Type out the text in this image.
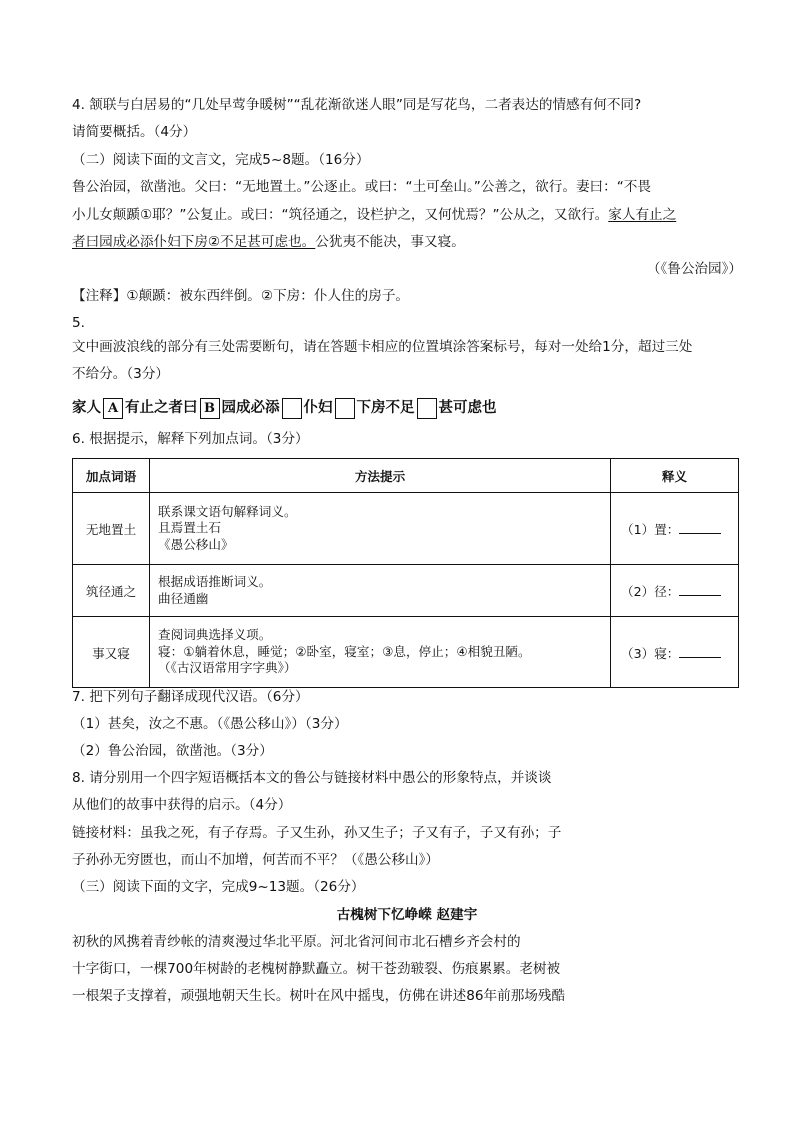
4. 颔联与白居易的“几处早莺争暖树”“乱花渐欲迷人眼”同是写花鸟，二者表达的情感有何不同?
请简要概括。（4分）
（二）阅读下面的文言文，完成5~8题。（16分）
鲁公治园，欲凿池。父曰：“无地置土。”公逐止。或曰：“土可垒山。”公善之，欲行。妻曰：“不畏
小儿女颠踬①耶？”公复止。或曰：“筑径通之，设栏护之，又何忧焉？”公从之，又欲行。家人有止之
者曰园成必添仆妇下房②不足甚可虑也。公犹夷不能决，事又寝。
（《鲁公治园》）
【注释】①颠踬：被东西绊倒。②下房：仆人住的房子。
5.
文中画波浪线的部分有三处需要断句，请在答题卡相应的位置填涂答案标号，每对一处给1分，超过三处
不给分。（3分）
家人 A 有止之者曰 B 园成必添 仆妇 下房不足 甚可虑也
6. 根据提示，解释下列加点词。（3分）
加点词语	方法提示	释义
无地置土	联系课文语句解释词义。
且焉置土石
《愚公移山》	（1）置：
筑径通之	根据成语推断词义。
曲径通幽	（2）径：
事又寝	查阅词典选择义项。
寝：①躺着休息，睡觉；②卧室，寝室；③息，停止；④相貌丑陋。
（《古汉语常用字字典》）	（3）寝：
7. 把下列句子翻译成现代汉语。（6分）
（1）甚矣，汝之不惠。（《愚公移山》）（3分）
（2）鲁公治园，欲凿池。（3分）
8. 请分别用一个四字短语概括本文的鲁公与链接材料中愚公的形象特点，并谈谈
从他们的故事中获得的启示。（4分）
链接材料：虽我之死，有子存焉。子又生孙，孙又生子；子又有子，子又有孙；子
子孙孙无穷匮也，而山不加增，何苦而不平？（《愚公移山》）
（三）阅读下面的文字，完成9~13题。（26分）
古槐树下忆峥嵘 赵建宇
初秋的风携着青纱帐的清爽漫过华北平原。河北省河间市北石槽乡齐会村的
十字街口，一棵700年树龄的老槐树静默矗立。树干苍劲皲裂、伤痕累累。老树被
一根架子支撑着，顽强地朝天生长。树叶在风中摇曳，仿佛在讲述86年前那场残酷
